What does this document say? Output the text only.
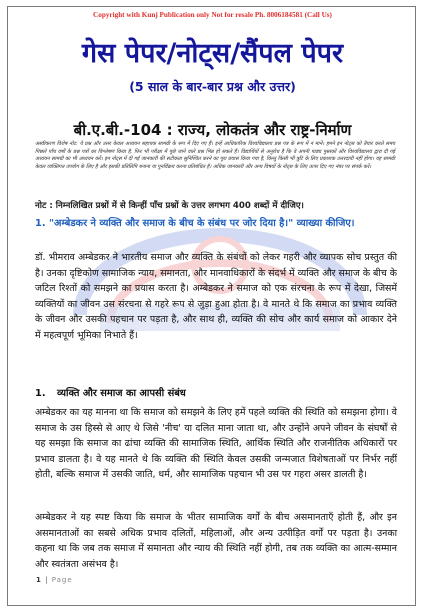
Copyright with Kunj Publication only Not for resale Ph. 8006184581 (Call Us)
गेस पेपर/नोट्स/सैंपल पेपर
(5 साल के बार-बार प्रश्न और उत्तर)
बी.ए.बी.-104 : राज्य, लोकतंत्र और राष्ट्र-निर्माण
अस्वीकरण विशेष नोट: ये प्रश्न और उत्तर केवल अध्ययन सहायक सामग्री के रूप में दिए गए हैं। इन्हें आधिकारिक विश्वविद्यालय प्रश्न पत्र के रूप में न मानें। हमने इन नोट्स को तैयार करते समय पिछले पाँच वर्षों के प्रश्न पत्रों का विश्लेषण किया है, फिर भी परीक्षा में पूछे जाने वाले प्रश्न भिन्न हो सकते हैं। विद्यार्थियों से अनुरोध है कि वे अपनी पाठ्य पुस्तकों और विश्वविद्यालय द्वारा दी गई अध्ययन सामग्री का भी अध्ययन करें। इन नोट्स में दी गई जानकारी की सटीकता सुनिश्चित करने का पूरा प्रयास किया गया है, किन्तु किसी भी त्रुटि के लिए प्रकाशक उत्तरदायी नहीं होगा। यह सामग्री केवल व्यक्तिगत उपयोग के लिए है और इसकी प्रतिलिपि बनाना या पुनर्विक्रय करना प्रतिबंधित है। अधिक जानकारी और अन्य विषयों के नोट्स के लिए ऊपर दिए गए नंबर पर संपर्क करें।
नोट : निम्नलिखित प्रश्नों में से किन्हीं पाँच प्रश्नों के उत्तर लगभग 400 शब्दों में दीजिए।
1. "अम्बेडकर ने व्यक्ति और समाज के बीच के संबंध पर जोर दिया है।" व्याख्या कीजिए।
डॉ. भीमराव अम्बेडकर ने भारतीय समाज और व्यक्ति के संबंधों को लेकर गहरी और व्यापक सोच प्रस्तुत की है। उनका दृष्टिकोण सामाजिक न्याय, समानता, और मानवाधिकारों के संदर्भ में व्यक्ति और समाज के बीच के जटिल रिश्तों को समझने का प्रयास करता है। अम्बेडकर ने समाज को एक संरचना के रूप में देखा, जिसमें व्यक्तियों का जीवन उस संरचना से गहरे रूप से जुड़ा हुआ होता है। वे मानते थे कि समाज का प्रभाव व्यक्ति के जीवन और उसकी पहचान पर पड़ता है, और साथ ही, व्यक्ति की सोच और कार्य समाज को आकार देने में महत्वपूर्ण भूमिका निभाते हैं।
1. व्यक्ति और समाज का आपसी संबंध
अम्बेडकर का यह मानना था कि समाज को समझने के लिए हमें पहले व्यक्ति की स्थिति को समझना होगा। वे समाज के उस हिस्से से आए थे जिसे 'नीच' या दलित माना जाता था, और उन्होंने अपने जीवन के संघर्षों से यह समझा कि समाज का ढांचा व्यक्ति की सामाजिक स्थिति, आर्थिक स्थिति और राजनीतिक अधिकारों पर प्रभाव डालता है। वे यह मानते थे कि व्यक्ति की स्थिति केवल उसकी जन्मजात विशेषताओं पर निर्भर नहीं होती, बल्कि समाज में उसकी जाति, धर्म, और सामाजिक पहचान भी उस पर गहरा असर डालती है।
अम्बेडकर ने यह स्पष्ट किया कि समाज के भीतर सामाजिक वर्गों के बीच असमानताएँ होती हैं, और इन असमानताओं का सबसे अधिक प्रभाव दलितों, महिलाओं, और अन्य उत्पीड़ित वर्गों पर पड़ता है। उनका कहना था कि जब तक समाज में समानता और न्याय की स्थिति नहीं होगी, तब तक व्यक्ति का आत्म-सम्मान और स्वतंत्रता असंभव है।
1 | Page
